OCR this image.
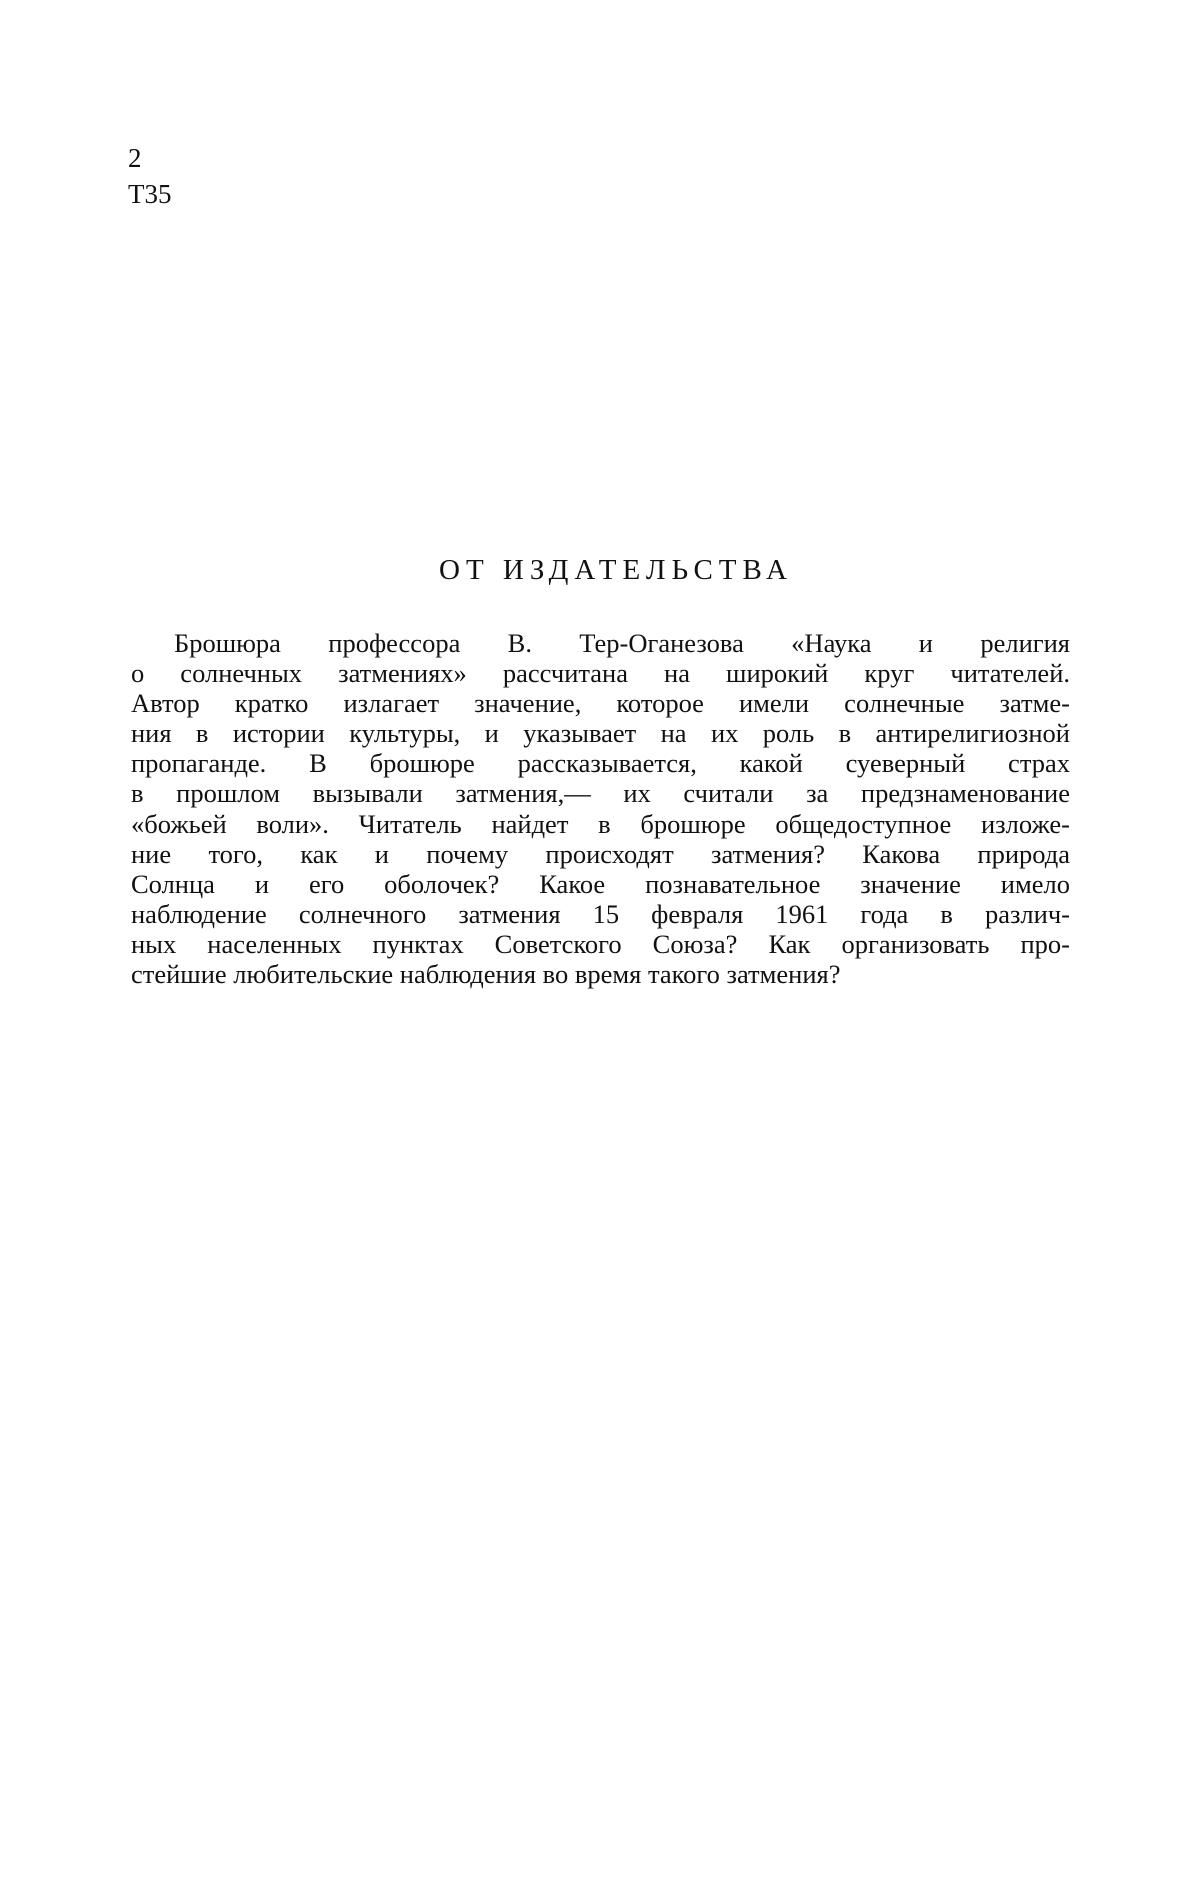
2
Т35
ОТ ИЗДАТЕЛЬСТВА
Брошюра профессора В. Тер-Оганезова «Наука и религия
о солнечных затмениях» рассчитана на широкий круг читателей.
Автор кратко излагает значение, которое имели солнечные затме-
ния в истории культуры, и указывает на их роль в антирелигиозной
пропаганде. В брошюре рассказывается, какой суеверный страх
в прошлом вызывали затмения,— их считали за предзнаменование
«божьей воли». Читатель найдет в брошюре общедоступное изложе-
ние того, как и почему происходят затмения? Какова природа
Солнца и его оболочек? Какое познавательное значение имело
наблюдение солнечного затмения 15 февраля 1961 года в различ-
ных населенных пунктах Советского Союза? Как организовать про-
стейшие любительские наблюдения во время такого затмения?
